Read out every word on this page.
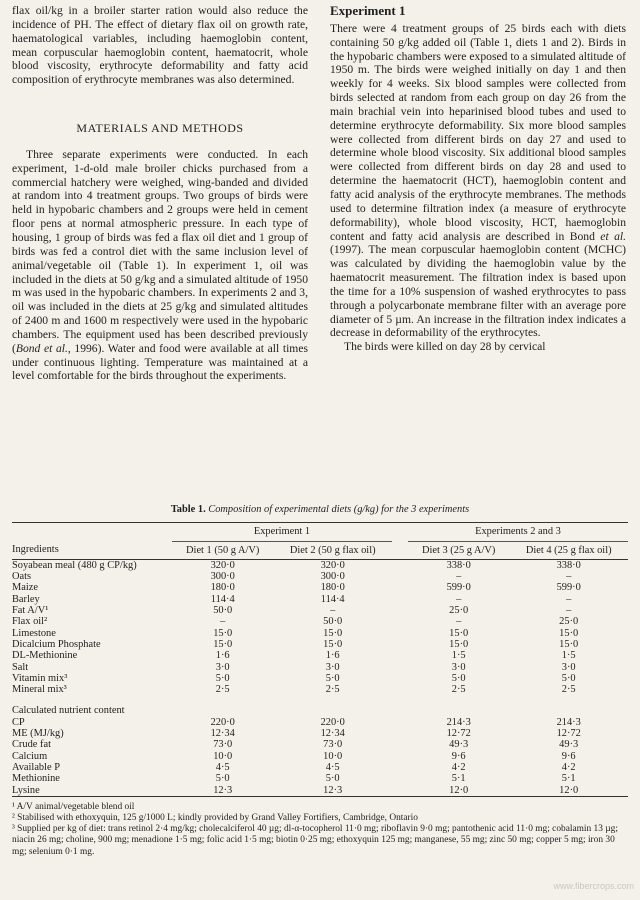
flax oil/kg in a broiler starter ration would also reduce the incidence of PH. The effect of dietary flax oil on growth rate, haematological variables, including haemoglobin content, mean corpuscular haemoglobin content, haematocrit, whole blood viscosity, erythrocyte deformability and fatty acid composition of erythrocyte membranes was also determined.

MATERIALS AND METHODS

Three separate experiments were conducted. In each experiment, 1-d-old male broiler chicks purchased from a commercial hatchery were weighed, wing-banded and divided at random into 4 treatment groups. Two groups of birds were held in hypobaric chambers and 2 groups were held in cement floor pens at normal atmospheric pressure. In each type of housing, 1 group of birds was fed a flax oil diet and 1 group of birds was fed a control diet with the same inclusion level of animal/vegetable oil (Table 1). In experiment 1, oil was included in the diets at 50 g/kg and a simulated altitude of 1950 m was used in the hypobaric chambers. In experiments 2 and 3, oil was included in the diets at 25 g/kg and simulated altitudes of 2400 m and 1600 m respectively were used in the hypobaric chambers. The equipment used has been described previously (Bond et al., 1996). Water and food were available at all times under continuous lighting. Temperature was maintained at a level comfortable for the birds throughout the experiments.

Experiment 1

There were 4 treatment groups of 25 birds each with diets containing 50 g/kg added oil (Table 1, diets 1 and 2). Birds in the hypobaric chambers were exposed to a simulated altitude of 1950 m. The birds were weighed initially on day 1 and then weekly for 4 weeks. Six blood samples were collected from birds selected at random from each group on day 26 from the main brachial vein into heparinised blood tubes and used to determine erythrocyte deformability. Six more blood samples were collected from different birds on day 27 and used to determine whole blood viscosity. Six additional blood samples were collected from different birds on day 28 and used to determine the haematocrit (HCT), haemoglobin content and fatty acid analysis of the erythrocyte membranes. The methods used to determine filtration index (a measure of erythrocyte deformability), whole blood viscosity, HCT, haemoglobin content and fatty acid analysis are described in Bond et al. (1997). The mean corpuscular haemoglobin content (MCHC) was calculated by dividing the haemoglobin value by the haematocrit measurement. The filtration index is based upon the time for a 10% suspension of washed erythrocytes to pass through a polycarbonate membrane filter with an average pore diameter of 5 µm. An increase in the filtration index indicates a decrease in deformability of the erythrocytes.

The birds were killed on day 28 by cervical

Table 1. Composition of experimental diets (g/kg) for the 3 experiments
	Experiment 1			Experiments 2 and 3	
Ingredients	Diet 1 (50 g A/V)	Diet 2 (50 g flax oil)		Diet 3 (25 g A/V)	Diet 4 (25 g flax oil)
Soyabean meal (480 g CP/kg)	320·0	320·0		338·0	338·0
Oats	300·0	300·0		–	–
Maize	180·0	180·0		599·0	599·0
Barley	114·4	114·4		–	–
Fat A/V¹	50·0	–		25·0	–
Flax oil²	–	50·0		–	25·0
Limestone	15·0	15·0		15·0	15·0
Dicalcium Phosphate	15·0	15·0		15·0	15·0
DL-Methionine	1·6	1·6		1·5	1·5
Salt	3·0	3·0		3·0	3·0
Vitamin mix³	5·0	5·0		5·0	5·0
Mineral mix³	2·5	2·5		2·5	2·5

Calculated nutrient content					
CP	220·0	220·0		214·3	214·3
ME (MJ/kg)	12·34	12·34		12·72	12·72
Crude fat	73·0	73·0		49·3	49·3
Calcium	10·0	10·0		9·6	9·6
Available P	4·5	4·5		4·2	4·2
Methionine	5·0	5·0		5·1	5·1
Lysine	12·3	12·3		12·0	12·0

¹ A/V animal/vegetable blend oil

² Stabilised with ethoxyquin, 125 g/1000 L; kindly provided by Grand Valley Fortifiers, Cambridge, Ontario

³ Supplied per kg of diet: trans retinol 2·4 mg/kg; cholecalciferol 40 µg; dl-α-tocopherol 11·0 mg; riboflavin 9·0 mg; pantothenic acid 11·0 mg; cobalamin 13 µg; niacin 26 mg; choline, 900 mg; menadione 1·5 mg; folic acid 1·5 mg; biotin 0·25 mg; ethoxyquin 125 mg; manganese, 55 mg; zinc 50 mg; copper 5 mg; iron 30 mg; selenium 0·1 mg.

www.fibercrops.com
